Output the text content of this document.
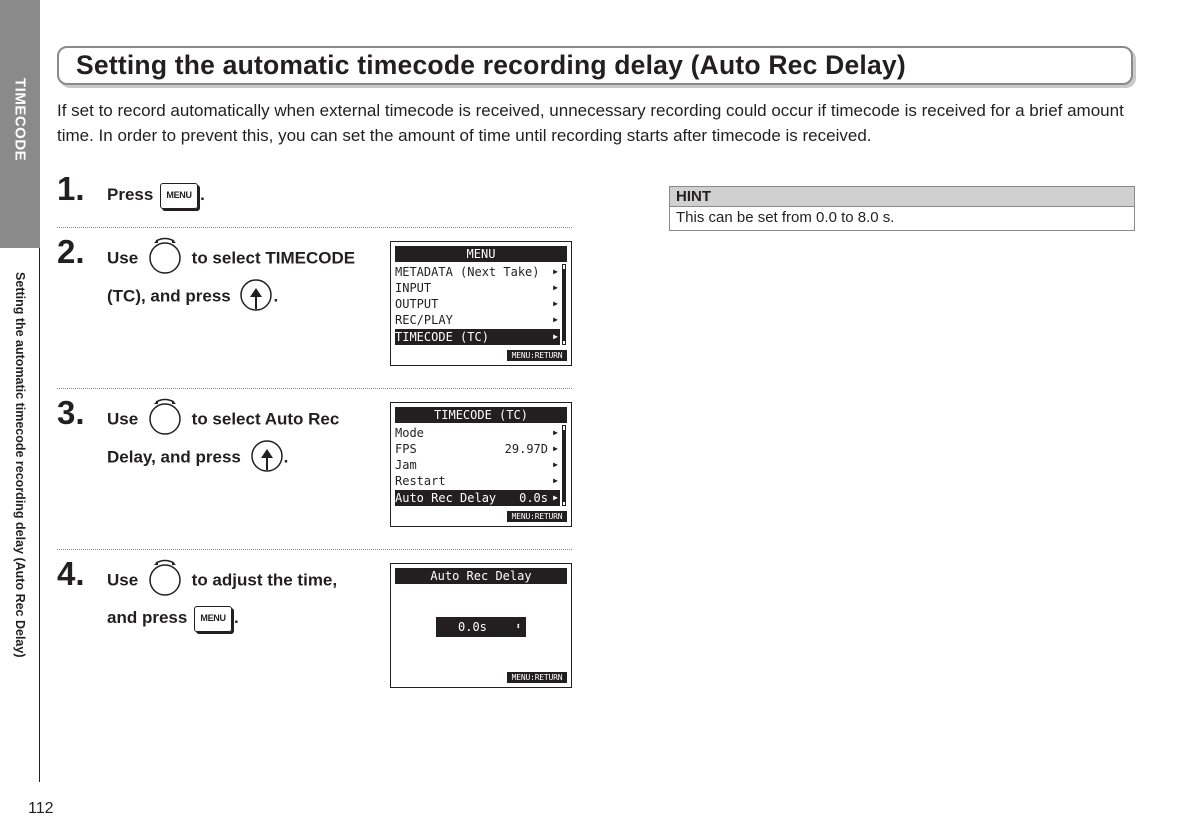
TIMECODE
Setting the automatic timecode recording delay (Auto Rec Delay)
112
Setting the automatic timecode recording delay (Auto Rec Delay)

If set to record automatically when external timecode is received, unnecessary recording could occur if timecode is received for a brief amount time. In order to prevent this, you can set the amount of time until recording starts after timecode is received.

1. Press MENU .
2. Use	to select TIMECODE
(TC), and press	.
MENU
METADATA (Next Take) ▶
INPUT	▶
OUTPUT	▶
REC/PLAY	▶
TIMECODE (TC)	▶
MENU:RETURN
3. Use	to select Auto Rec
Delay, and press	.
TIMECODE (TC)
Mode	▶
FPS	29.97D ▶
Jam	▶
Restart	▶
Auto Rec Delay 0.0s ▶
MENU:RETURN
4. Use	to adjust the time,
and press MENU .
Auto Rec Delay
0.0s	⬍
MENU:RETURN
HINT
This can be set from 0.0 to 8.0 s.
